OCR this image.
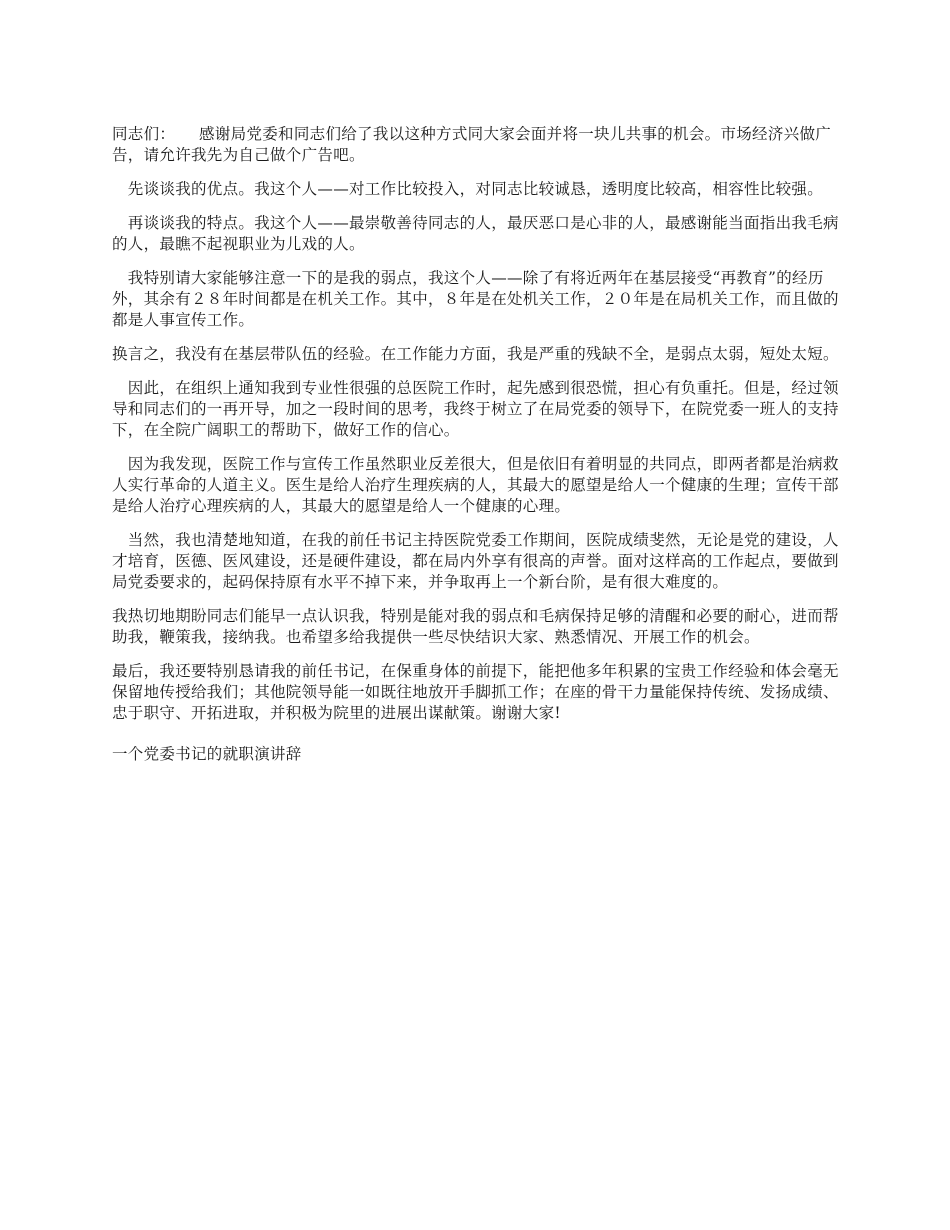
同志们：　　感谢局党委和同志们给了我以这种方式同大家会面并将一块儿共事的机会。市场经济兴做广告，请允许我先为自己做个广告吧。

　先谈谈我的优点。我这个人——对工作比较投入，对同志比较诚恳，透明度比较高，相容性比较强。

　再谈谈我的特点。我这个人——最崇敬善待同志的人，最厌恶口是心非的人，最感谢能当面指出我毛病的人，最瞧不起视职业为儿戏的人。

　我特别请大家能够注意一下的是我的弱点，我这个人——除了有将近两年在基层接受“再教育”的经历外，其余有２８年时间都是在机关工作。其中，８年是在处机关工作，２０年是在局机关工作，而且做的都是人事宣传工作。

换言之，我没有在基层带队伍的经验。在工作能力方面，我是严重的残缺不全，是弱点太弱，短处太短。

　因此，在组织上通知我到专业性很强的总医院工作时，起先感到很恐慌，担心有负重托。但是，经过领导和同志们的一再开导，加之一段时间的思考，我终于树立了在局党委的领导下，在院党委一班人的支持下，在全院广阔职工的帮助下，做好工作的信心。

　因为我发现，医院工作与宣传工作虽然职业反差很大，但是依旧有着明显的共同点，即两者都是治病救人实行革命的人道主义。医生是给人治疗生理疾病的人，其最大的愿望是给人一个健康的生理；宣传干部是给人治疗心理疾病的人，其最大的愿望是给人一个健康的心理。

　当然，我也清楚地知道，在我的前任书记主持医院党委工作期间，医院成绩斐然，无论是党的建设，人才培育，医德、医风建设，还是硬件建设，都在局内外享有很高的声誉。面对这样高的工作起点，要做到局党委要求的，起码保持原有水平不掉下来，并争取再上一个新台阶，是有很大难度的。

我热切地期盼同志们能早一点认识我，特别是能对我的弱点和毛病保持足够的清醒和必要的耐心，进而帮助我，鞭策我，接纳我。也希望多给我提供一些尽快结识大家、熟悉情况、开展工作的机会。

最后，我还要特别恳请我的前任书记，在保重身体的前提下，能把他多年积累的宝贵工作经验和体会毫无保留地传授给我们；其他院领导能一如既往地放开手脚抓工作；在座的骨干力量能保持传统、发扬成绩、忠于职守、开拓进取，并积极为院里的进展出谋献策。谢谢大家!

一个党委书记的就职演讲辞
